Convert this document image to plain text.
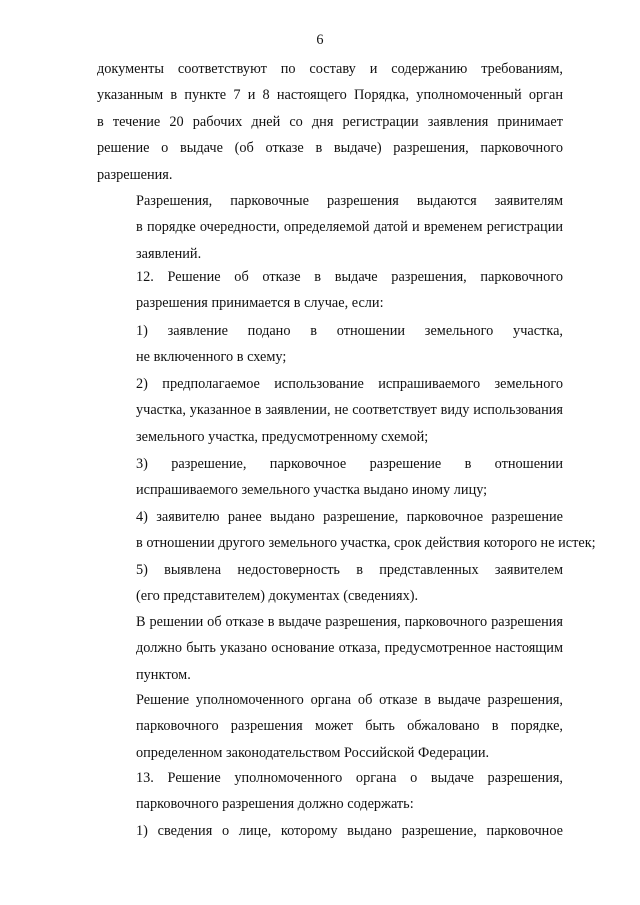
6

документы соответствуют по составу и содержанию требованиям,
указанным в пункте 7 и 8 настоящего Порядка, уполномоченный орган
в течение 20 рабочих дней со дня регистрации заявления принимает
решение о выдаче (об отказе в выдаче) разрешения, парковочного
разрешения.

Разрешения, парковочные разрешения выдаются заявителям
в порядке очередности, определяемой датой и временем регистрации
заявлений.

12. Решение об отказе в выдаче разрешения, парковочного
разрешения принимается в случае, если:

1) заявление подано в отношении земельного участка,
не включенного в схему;

2) предполагаемое использование испрашиваемого земельного
участка, указанное в заявлении, не соответствует виду использования
земельного участка, предусмотренному схемой;

3) разрешение, парковочное разрешение в отношении
испрашиваемого земельного участка выдано иному лицу;

4) заявителю ранее выдано разрешение, парковочное разрешение
в отношении другого земельного участка, срок действия которого не истек;

5) выявлена недостоверность в представленных заявителем
(его представителем) документах (сведениях).

В решении об отказе в выдаче разрешения, парковочного разрешения
должно быть указано основание отказа, предусмотренное настоящим
пунктом.

Решение уполномоченного органа об отказе в выдаче разрешения,
парковочного разрешения может быть обжаловано в порядке,
определенном законодательством Российской Федерации.

13. Решение уполномоченного органа о выдаче разрешения,
парковочного разрешения должно содержать:

1) сведения о лице, которому выдано разрешение, парковочное
